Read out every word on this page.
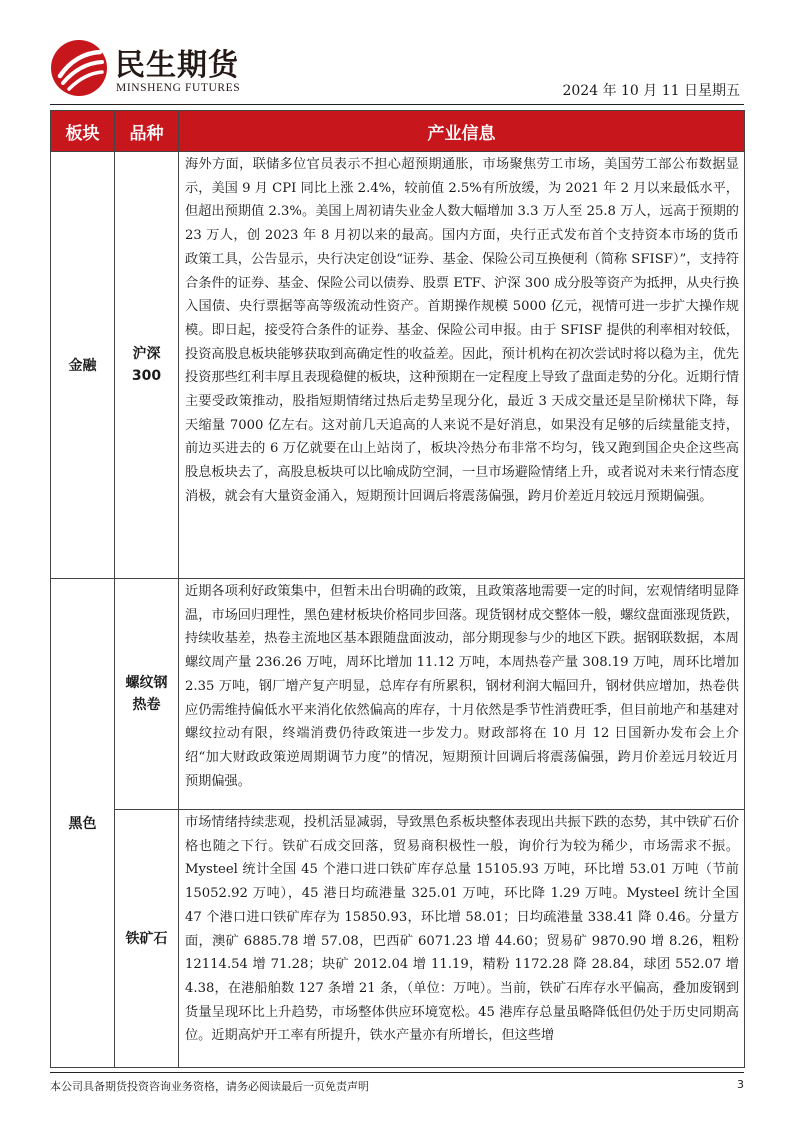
民生期货
MINSHENG FUTURES	2024 年 10 月 11 日星期五
板块	品种	产业信息
金融	沪深 300	海外方面，联储多位官员表示不担心超预期通胀，市场聚焦劳工市场，美国劳工部公布数据显示，美国 9 月 CPI 同比上涨 2.4%，较前值 2.5%有所放缓，为 2021 年 2 月以来最低水平，但超出预期值 2.3%。美国上周初请失业金人数大幅增加 3.3 万人至 25.8 万人，远高于预期的 23 万人，创 2023 年 8 月初以来的最高。国内方面，央行正式发布首个支持资本市场的货币政策工具，公告显示，央行决定创设“证券、基金、保险公司互换便利（简称 SFISF）”，支持符合条件的证券、基金、保险公司以债券、股票 ETF、沪深 300 成分股等资产为抵押，从央行换入国债、央行票据等高等级流动性资产。首期操作规模 5000 亿元，视情可进一步扩大操作规模。即日起，接受符合条件的证券、基金、保险公司申报。由于 SFISF 提供的利率相对较低，投资高股息板块能够获取到高确定性的收益差。因此，预计机构在初次尝试时将以稳为主，优先投资那些红利丰厚且表现稳健的板块，这种预期在一定程度上导致了盘面走势的分化。近期行情主要受政策推动，股指短期情绪过热后走势呈现分化，最近 3 天成交量还是呈阶梯状下降，每天缩量 7000 亿左右。这对前几天追高的人来说不是好消息，如果没有足够的后续量能支持，前边买进去的 6 万亿就要在山上站岗了，板块冷热分布非常不均匀，钱又跑到国企央企这些高股息板块去了，高股息板块可以比喻成防空洞，一旦市场避险情绪上升，或者说对未来行情态度消极，就会有大量资金涌入，短期预计回调后将震荡偏强，跨月价差近月较远月预期偏强。
黑色	螺纹钢热卷	近期各项利好政策集中，但暂未出台明确的政策，且政策落地需要一定的时间，宏观情绪明显降温，市场回归理性，黑色建材板块价格同步回落。现货钢材成交整体一般，螺纹盘面涨现货跌，持续收基差，热卷主流地区基本跟随盘面波动，部分期现参与少的地区下跌。据钢联数据，本周螺纹周产量 236.26 万吨，周环比增加 11.12 万吨，本周热卷产量 308.19 万吨，周环比增加 2.35 万吨，钢厂增产复产明显，总库存有所累积，钢材利润大幅回升，钢材供应增加，热卷供应仍需维持偏低水平来消化依然偏高的库存，十月依然是季节性消费旺季，但目前地产和基建对螺纹拉动有限，终端消费仍待政策进一步发力。财政部将在 10 月 12 日国新办发布会上介绍“加大财政政策逆周期调节力度”的情况，短期预计回调后将震荡偏强，跨月价差远月较近月预期偏强。
	铁矿石	市场情绪持续悲观，投机活显减弱，导致黑色系板块整体表现出共振下跌的态势，其中铁矿石价格也随之下行。铁矿石成交回落，贸易商积极性一般，询价行为较为稀少，市场需求不振。Mysteel 统计全国 45 个港口进口铁矿库存总量 15105.93 万吨，环比增 53.01 万吨（节前 15052.92 万吨），45 港日均疏港量 325.01 万吨，环比降 1.29 万吨。Mysteel 统计全国 47 个港口进口铁矿库存为 15850.93，环比增 58.01；日均疏港量 338.41 降 0.46。分量方面，澳矿 6885.78 增 57.08，巴西矿 6071.23 增 44.60；贸易矿 9870.90 增 8.26，粗粉 12114.54 增 71.28；块矿 2012.04 增 11.19，精粉 1172.28 降 28.84，球团 552.07 增 4.38，在港船舶数 127 条增 21 条，（单位：万吨）。当前，铁矿石库存水平偏高，叠加废钢到货量呈现环比上升趋势，市场整体供应环境宽松。45 港库存总量虽略降低但仍处于历史同期高位。近期高炉开工率有所提升，铁水产量亦有所增长，但这些增
本公司具备期货投资咨询业务资格，请务必阅读最后一页免责声明	3
